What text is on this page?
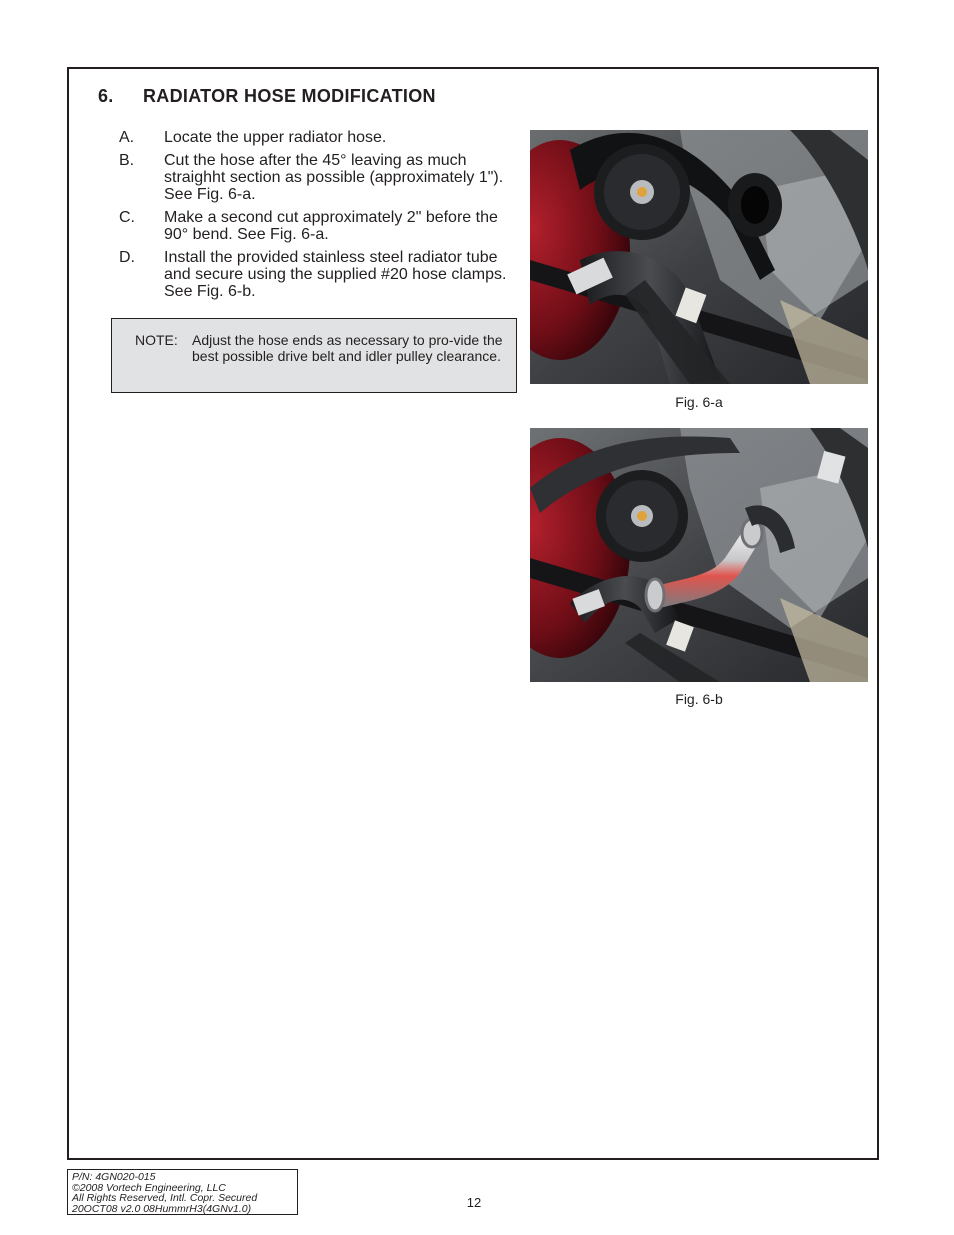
6. RADIATOR HOSE MODIFICATION
A.	Locate the upper radiator hose.
B.	Cut the hose after the 45° leaving as much straighht section as possible (approximately 1"). See Fig. 6-a.
C.	Make a second cut approximately 2" before the 90° bend. See Fig. 6-a.
D.	Install the provided stainless steel radiator tube and secure using the supplied #20 hose clamps. See Fig. 6-b.
NOTE:	Adjust the hose ends as necessary to pro-vide the best possible drive belt and idler pulley clearance.
Fig. 6-a
Fig. 6-b
P/N: 4GN020-015
©2008 Vortech Engineering, LLC
All Rights Reserved, Intl. Copr. Secured
20OCT08 v2.0 08HummrH3(4GNv1.0)	12
